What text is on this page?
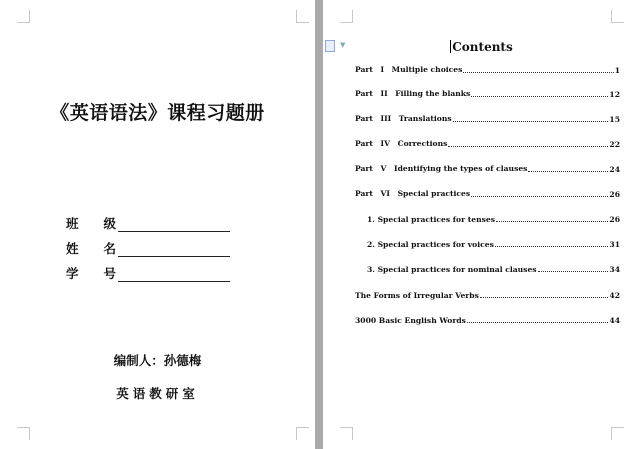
《英语语法》课程习题册
班 级
姓 名
学 号
编制人：孙德梅
英语教研室
Contents
Part　I　Multiple choices	1
Part　II　Filling the blanks	12
Part　III　Translations	15
Part　IV　Corrections	22
Part　V　Identifying the types of clauses	24
Part　VI　Special practices	26
1. Special practices for tenses	26
2. Special practices for voices	31
3. Special practices for nominal clauses	34
The Forms of Irregular Verbs	42
3000 Basic English Words	44
▼
